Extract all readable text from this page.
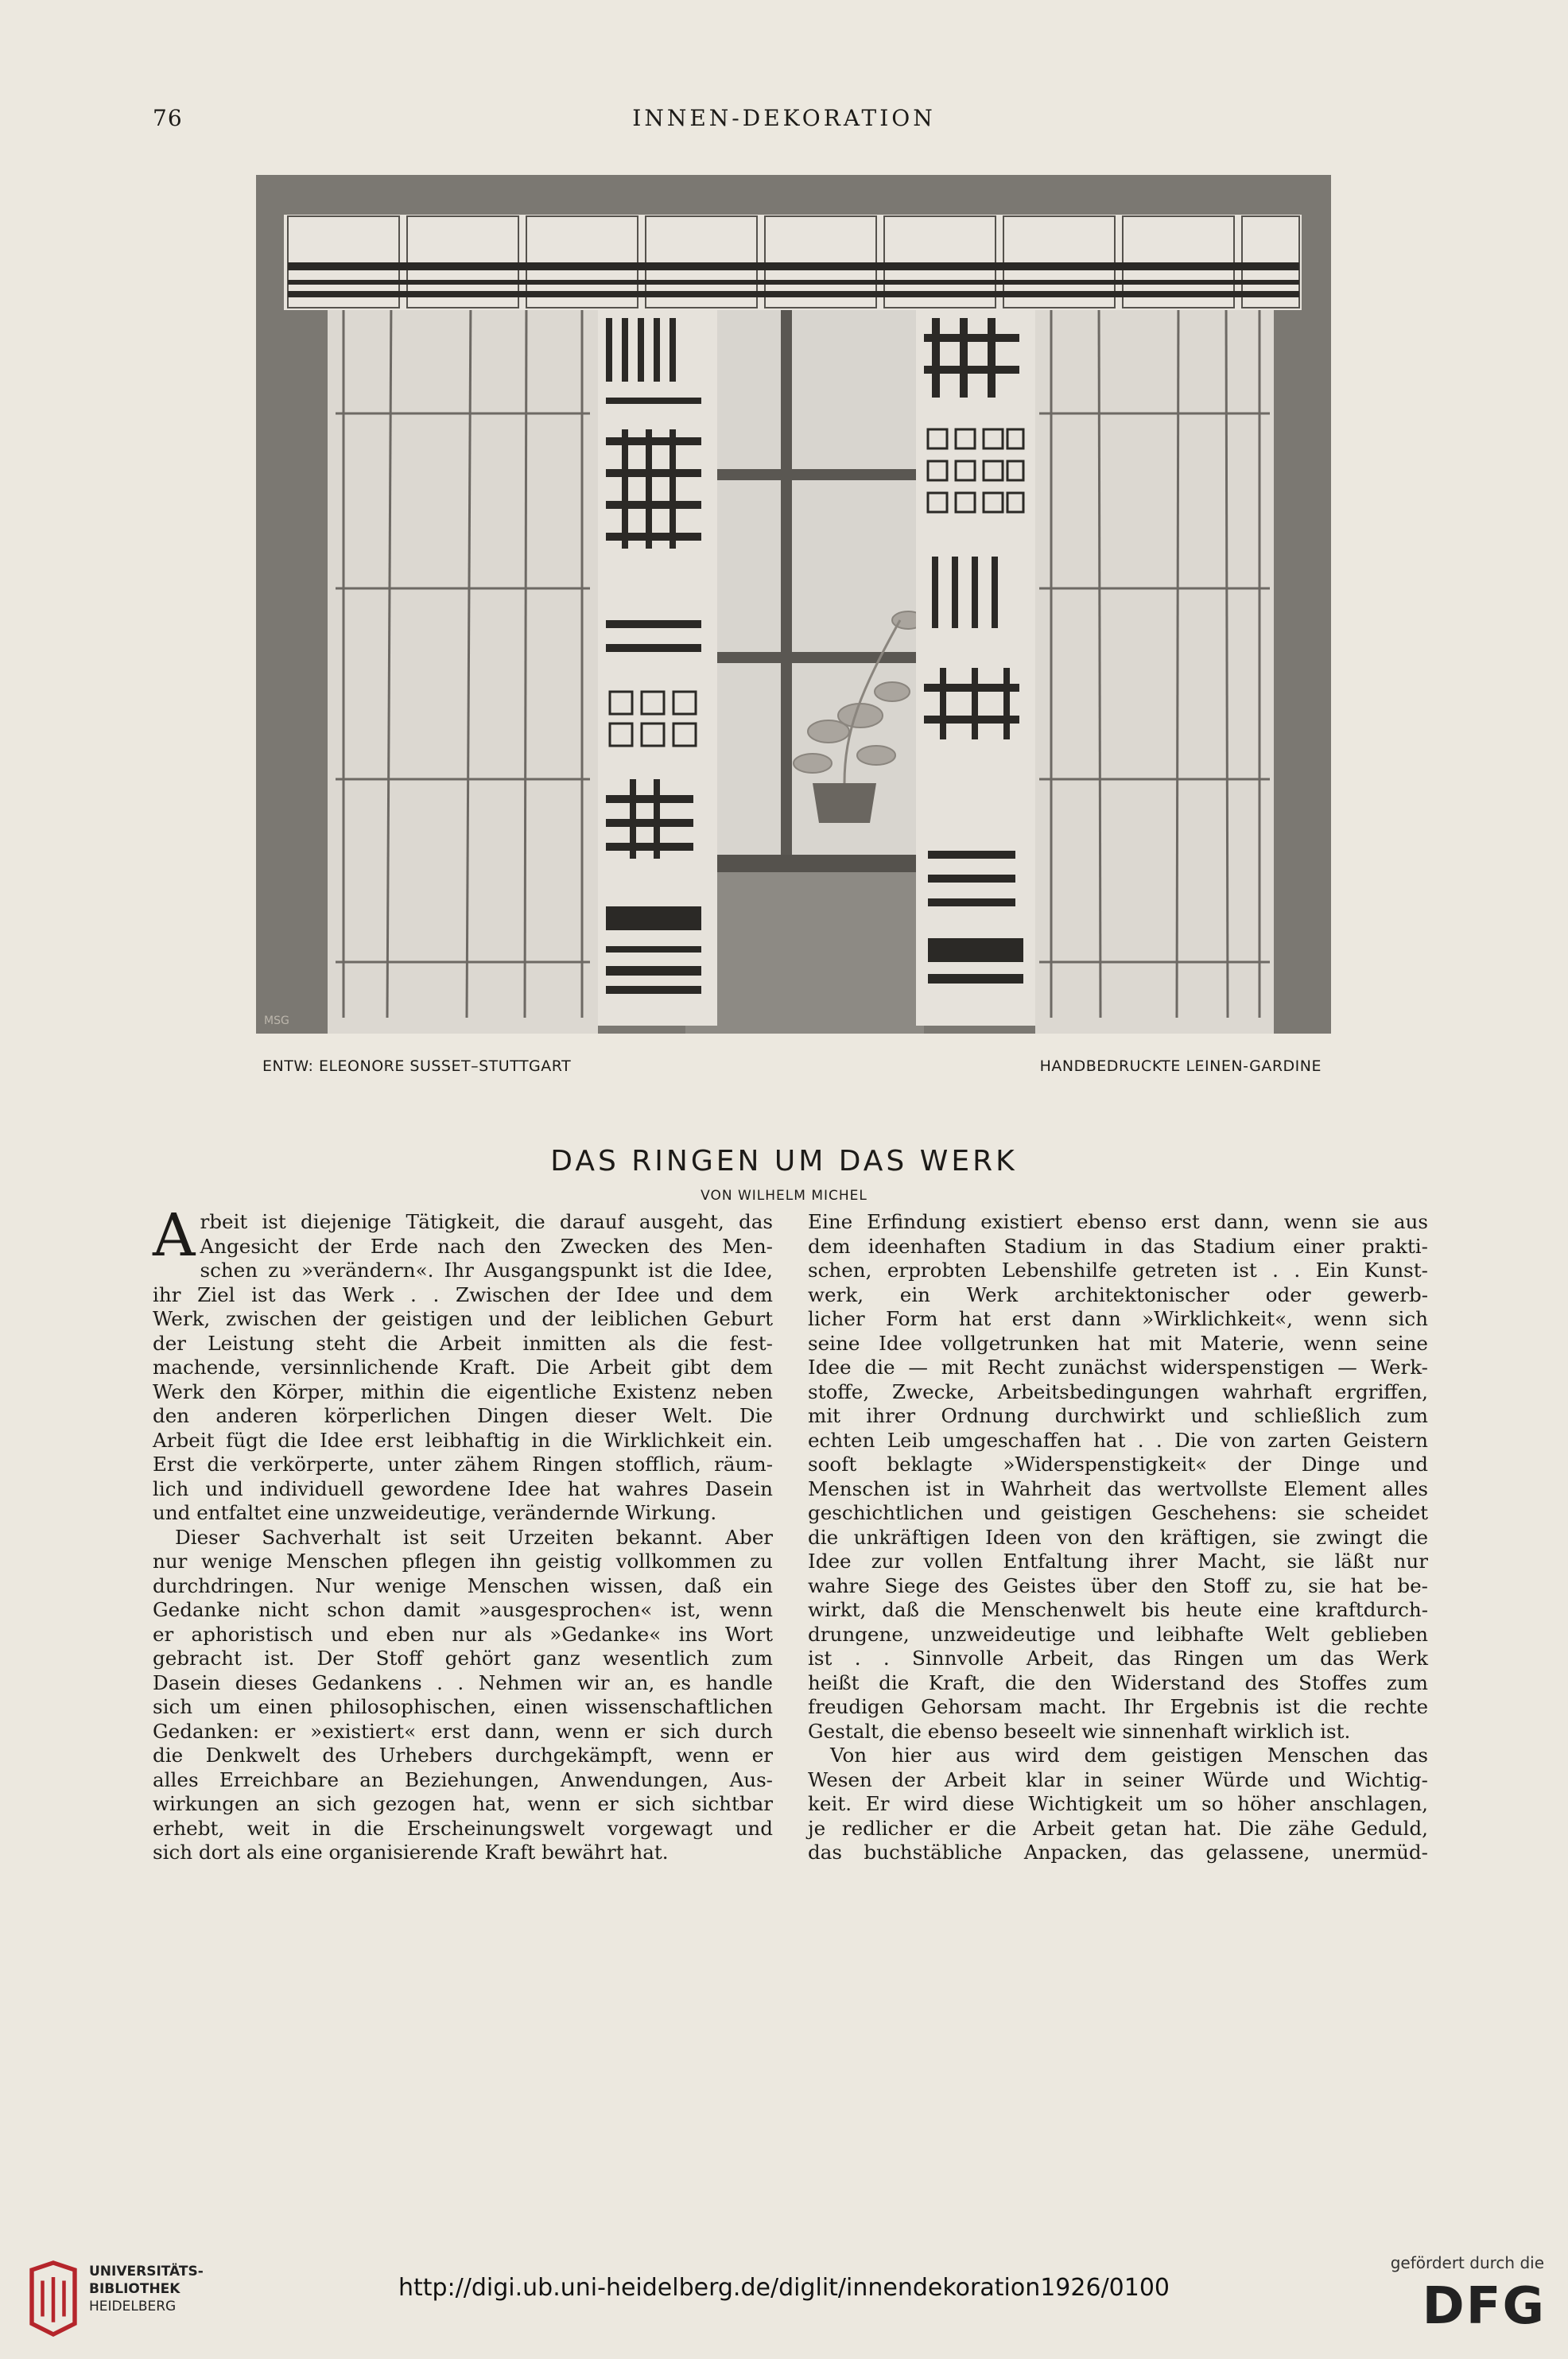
76	INNEN-DEKORATION
MSG
ENTW: ELEONORE SUSSET–STUTTGART	HANDBEDRUCKTE LEINEN-GARDINE
DAS RINGEN UM DAS WERK
VON WILHELM MICHEL
A rbeit ist diejenige Tätigkeit, die darauf ausgeht, das
Angesicht der Erde nach den Zwecken des Men-
schen zu »verändern«. Ihr Ausgangspunkt ist die Idee,
ihr Ziel ist das Werk . . Zwischen der Idee und dem
Werk, zwischen der geistigen und der leiblichen Geburt
der Leistung steht die Arbeit inmitten als die fest-
machende, versinnlichende Kraft. Die Arbeit gibt dem
Werk den Körper, mithin die eigentliche Existenz neben
den anderen körperlichen Dingen dieser Welt. Die
Arbeit fügt die Idee erst leibhaftig in die Wirklichkeit ein.
Erst die verkörperte, unter zähem Ringen stofflich, räum-
lich und individuell gewordene Idee hat wahres Dasein
und entfaltet eine unzweideutige, verändernde Wirkung.
Dieser Sachverhalt ist seit Urzeiten bekannt. Aber
nur wenige Menschen pflegen ihn geistig vollkommen zu
durchdringen. Nur wenige Menschen wissen, daß ein
Gedanke nicht schon damit »ausgesprochen« ist, wenn
er aphoristisch und eben nur als »Gedanke« ins Wort
gebracht ist. Der Stoff gehört ganz wesentlich zum
Dasein dieses Gedankens . . Nehmen wir an, es handle
sich um einen philosophischen, einen wissenschaftlichen
Gedanken: er »existiert« erst dann, wenn er sich durch
die Denkwelt des Urhebers durchgekämpft, wenn er
alles Erreichbare an Beziehungen, Anwendungen, Aus-
wirkungen an sich gezogen hat, wenn er sich sichtbar
erhebt, weit in die Erscheinungswelt vorgewagt und
sich dort als eine organisierende Kraft bewährt hat.
Eine Erfindung existiert ebenso erst dann, wenn sie aus
dem ideenhaften Stadium in das Stadium einer prakti-
schen, erprobten Lebenshilfe getreten ist . . Ein Kunst-
werk, ein Werk architektonischer oder gewerb-
licher Form hat erst dann »Wirklichkeit«, wenn sich
seine Idee vollgetrunken hat mit Materie, wenn seine
Idee die — mit Recht zunächst widerspenstigen — Werk-
stoffe, Zwecke, Arbeitsbedingungen wahrhaft ergriffen,
mit ihrer Ordnung durchwirkt und schließlich zum
echten Leib umgeschaffen hat . . Die von zarten Geistern
sooft beklagte »Widerspenstigkeit« der Dinge und
Menschen ist in Wahrheit das wertvollste Element alles
geschichtlichen und geistigen Geschehens: sie scheidet
die unkräftigen Ideen von den kräftigen, sie zwingt die
Idee zur vollen Entfaltung ihrer Macht, sie läßt nur
wahre Siege des Geistes über den Stoff zu, sie hat be-
wirkt, daß die Menschenwelt bis heute eine kraftdurch-
drungene, unzweideutige und leibhafte Welt geblieben
ist . . Sinnvolle Arbeit, das Ringen um das Werk
heißt die Kraft, die den Widerstand des Stoffes zum
freudigen Gehorsam macht. Ihr Ergebnis ist die rechte
Gestalt, die ebenso beseelt wie sinnenhaft wirklich ist.
Von hier aus wird dem geistigen Menschen das
Wesen der Arbeit klar in seiner Würde und Wichtig-
keit. Er wird diese Wichtigkeit um so höher anschlagen,
je redlicher er die Arbeit getan hat. Die zähe Geduld,
das buchstäbliche Anpacken, das gelassene, unermüd-
UNIVERSITÄTS-
BIBLIOTHEK
HEIDELBERG
http://digi.ub.uni-heidelberg.de/diglit/innendekoration1926/0100
gefördert durch die
DFG
